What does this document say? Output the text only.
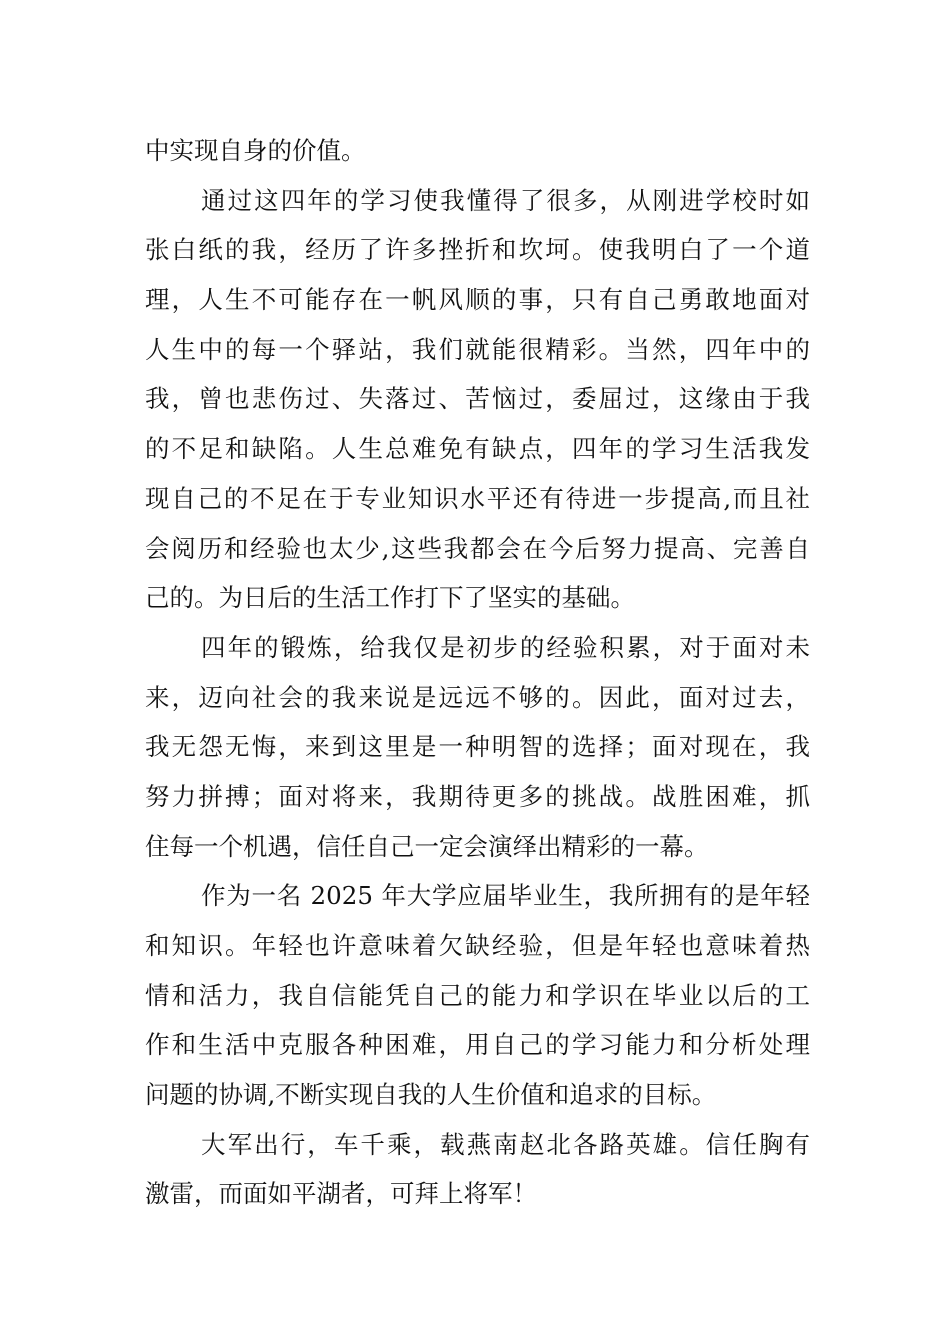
中实现自身的价值。
通过这四年的学习使我懂得了很多，从刚进学校时如
张白纸的我，经历了许多挫折和坎坷。使我明白了一个道
理，人生不可能存在一帆风顺的事，只有自己勇敢地面对
人生中的每一个驿站，我们就能很精彩。当然，四年中的
我，曾也悲伤过、失落过、苦恼过，委屈过，这缘由于我
的不足和缺陷。人生总难免有缺点，四年的学习生活我发
现自己的不足在于专业知识水平还有待进一步提高,而且社
会阅历和经验也太少,这些我都会在今后努力提高、完善自
己的。为日后的生活工作打下了坚实的基础。
四年的锻炼，给我仅是初步的经验积累，对于面对未
来，迈向社会的我来说是远远不够的。因此，面对过去，
我无怨无悔，来到这里是一种明智的选择；面对现在，我
努力拼搏；面对将来，我期待更多的挑战。战胜困难，抓
住每一个机遇，信任自己一定会演绎出精彩的一幕。
作为一名 2025 年大学应届毕业生，我所拥有的是年轻
和知识。年轻也许意味着欠缺经验，但是年轻也意味着热
情和活力，我自信能凭自己的能力和学识在毕业以后的工
作和生活中克服各种困难，用自己的学习能力和分析处理
问题的协调,不断实现自我的人生价值和追求的目标。
大军出行，车千乘，载燕南赵北各路英雄。信任胸有
激雷，而面如平湖者，可拜上将军！
